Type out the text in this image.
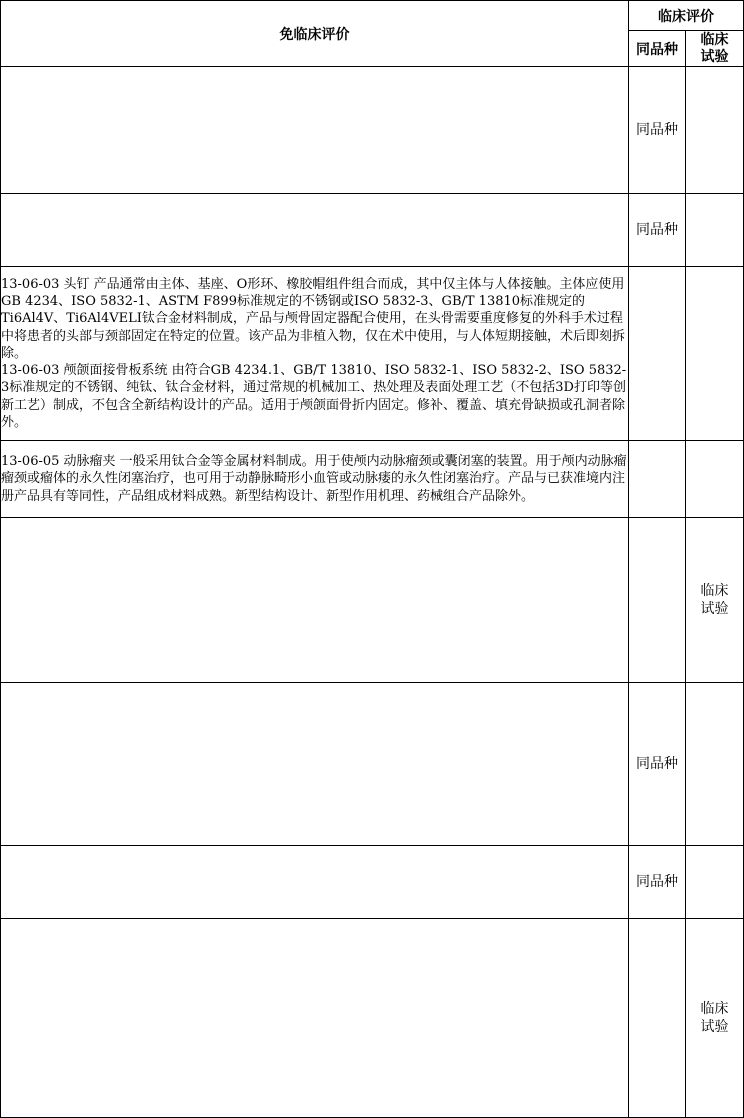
免临床评价	临床评价	
	同品种	临床
试验

	同品种	
	同品种	

13-06-03 头钉 产品通常由主体、基座、O形环、橡胶帽组件组合而成，其中仅主体与人体接触。主体应使用GB 4234、ISO 5832-1、ASTM F899标准规定的不锈钢或ISO 5832-3、GB/T 13810标准规定的Ti6Al4V、Ti6Al4VELI钛合金材料制成，产品与颅骨固定器配合使用，在头骨需要重度修复的外科手术过程中将患者的头部与颈部固定在特定的位置。该产品为非植入物，仅在术中使用，与人体短期接触，术后即刻拆除。

13-06-03 颅颌面接骨板系统 由符合GB 4234.1、GB/T 13810、ISO 5832-1、ISO 5832-2、ISO 5832-3标准规定的不锈钢、纯钛、钛合金材料，通过常规的机械加工、热处理及表面处理工艺（不包括3D打印等创新工艺）制成，不包含全新结构设计的产品。适用于颅颌面骨折内固定。修补、覆盖、填充骨缺损或孔洞者除外。		

13-06-05 动脉瘤夹 一般采用钛合金等金属材料制成。用于使颅内动脉瘤颈或囊闭塞的装置。用于颅内动脉瘤瘤颈或瘤体的永久性闭塞治疗，也可用于动静脉畸形小血管或动脉瘘的永久性闭塞治疗。产品与已获准境内注册产品具有等同性，产品组成材料成熟。新型结构设计、新型作用机理、药械组合产品除外。		

		临床
试验

	同品种	
	同品种	

		临床
试验
